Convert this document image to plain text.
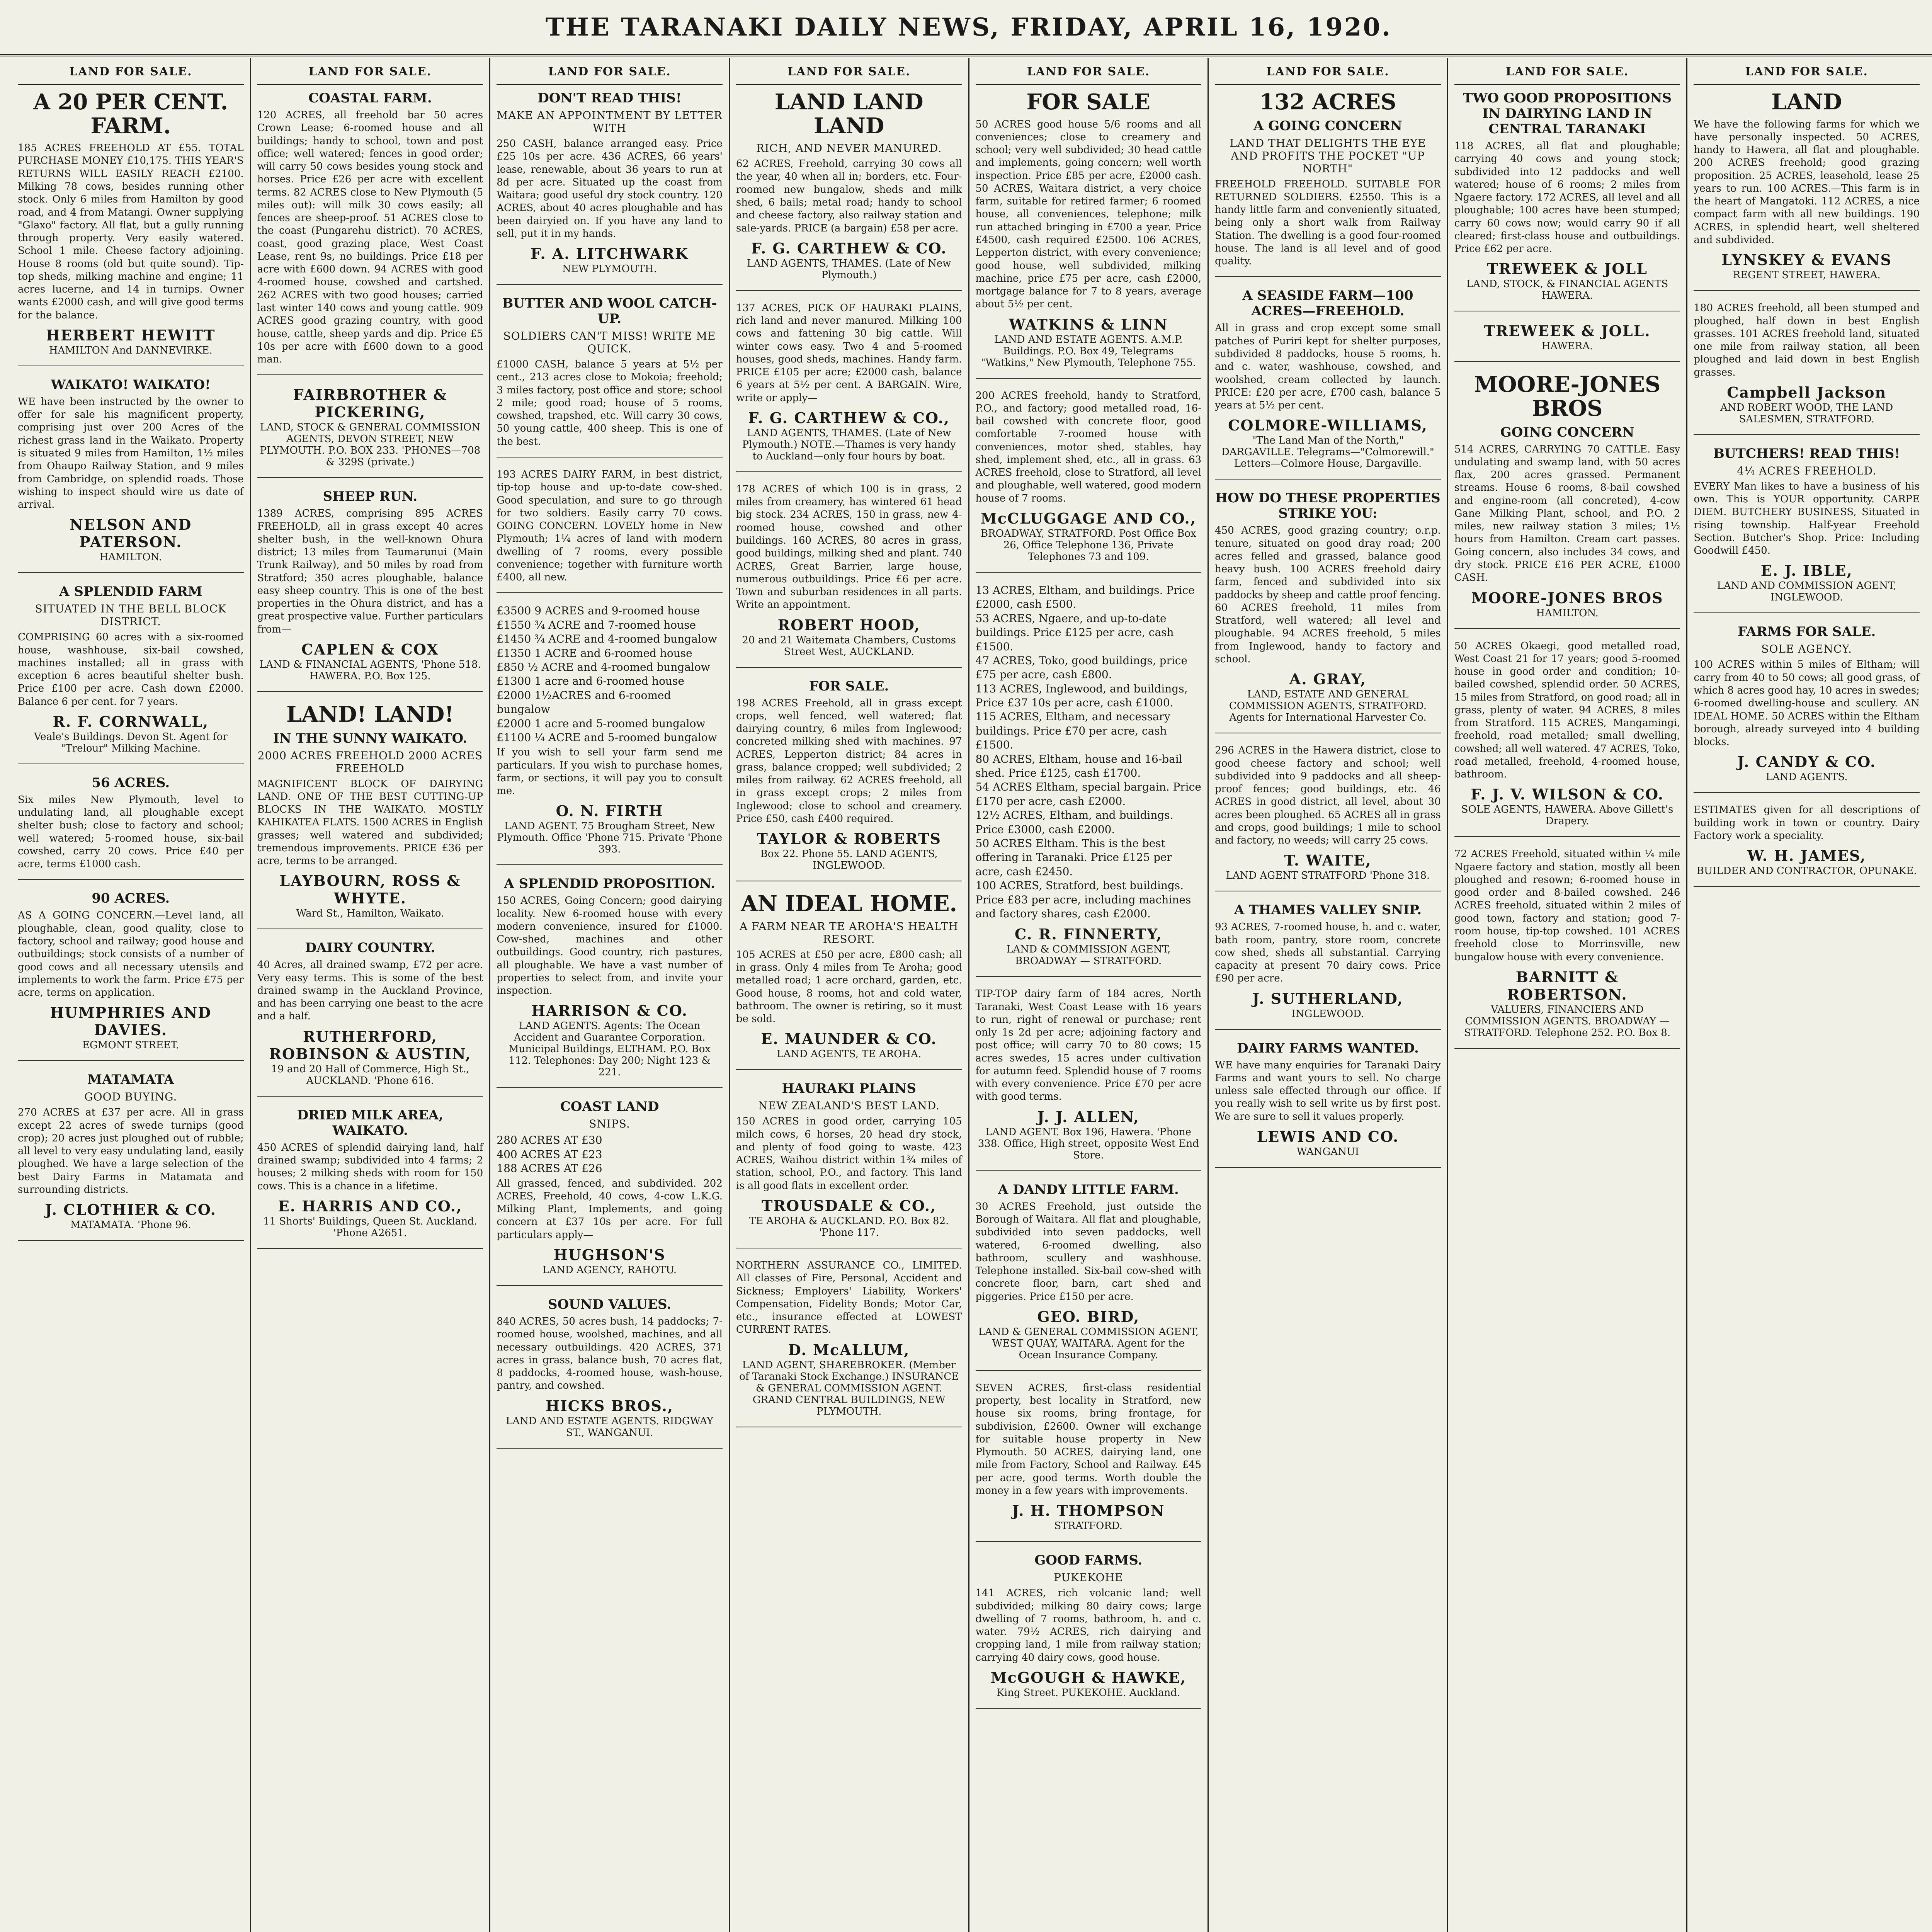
THE TARANAKI DAILY NEWS, FRIDAY, APRIL 16, 1920.
LAND FOR SALE.
A 20 PER CENT. FARM.
185 ACRES FREEHOLD AT £55. TOTAL PURCHASE MONEY £10,175. THIS YEAR'S RETURNS WILL EASILY REACH £2100. Milking 78 cows, besides running other stock. Only 6 miles from Hamilton by good road, and 4 from Matangi. Owner supplying "Glaxo" factory. All flat, but a gully running through property. Very easily watered. School 1 mile. Cheese factory adjoining. House 8 rooms (old but quite sound). Tip-top sheds, milking machine and engine; 11 acres lucerne, and 14 in turnips. Owner wants £2000 cash, and will give good terms for the balance.
HERBERT HEWITT
HAMILTON And DANNEVIRKE.
WAIKATO! WAIKATO!
WE have been instructed by the owner to offer for sale his magnificent property, comprising just over 200 Acres of the richest grass land in the Waikato. Property is situated 9 miles from Hamilton, 1½ miles from Ohaupo Railway Station, and 9 miles from Cambridge, on splendid roads. Those wishing to inspect should wire us date of arrival.
NELSON AND PATERSON.
HAMILTON.
A SPLENDID FARM
SITUATED IN THE BELL BLOCK DISTRICT.
COMPRISING 60 acres with a six-roomed house, washhouse, six-bail cowshed, machines installed; all in grass with exception 6 acres beautiful shelter bush. Price £100 per acre. Cash down £2000. Balance 6 per cent. for 7 years.
R. F. CORNWALL,
Veale's Buildings. Devon St. Agent for "Trelour" Milking Machine.
56 ACRES.
Six miles New Plymouth, level to undulating land, all ploughable except shelter bush; close to factory and school; well watered; 5-roomed house, six-bail cowshed, carry 20 cows. Price £40 per acre, terms £1000 cash.
90 ACRES.
AS A GOING CONCERN.—Level land, all ploughable, clean, good quality, close to factory, school and railway; good house and outbuildings; stock consists of a number of good cows and all necessary utensils and implements to work the farm. Price £75 per acre, terms on application.
HUMPHRIES AND DAVIES.
EGMONT STREET.
MATAMATA
GOOD BUYING.
270 ACRES at £37 per acre. All in grass except 22 acres of swede turnips (good crop); 20 acres just ploughed out of rubble; all level to very easy undulating land, easily ploughed. We have a large selection of the best Dairy Farms in Matamata and surrounding districts.
J. CLOTHIER & CO.
MATAMATA. 'Phone 96.
LAND FOR SALE.
COASTAL FARM.
120 ACRES, all freehold bar 50 acres Crown Lease; 6-roomed house and all buildings; handy to school, town and post office; well watered; fences in good order; will carry 50 cows besides young stock and horses. Price £26 per acre with excellent terms. 82 ACRES close to New Plymouth (5 miles out): will milk 30 cows easily; all fences are sheep-proof. 51 ACRES close to the coast (Pungarehu district). 70 ACRES, coast, good grazing place, West Coast Lease, rent 9s, no buildings. Price £18 per acre with £600 down. 94 ACRES with good 4-roomed house, cowshed and cartshed. 262 ACRES with two good houses; carried last winter 140 cows and young cattle. 909 ACRES good grazing country, with good house, cattle, sheep yards and dip. Price £5 10s per acre with £600 down to a good man.
FAIRBROTHER & PICKERING,
LAND, STOCK & GENERAL COMMISSION AGENTS, DEVON STREET, NEW PLYMOUTH. P.O. BOX 233. 'PHONES—708 & 329S (private.)
SHEEP RUN.
1389 ACRES, comprising 895 ACRES FREEHOLD, all in grass except 40 acres shelter bush, in the well-known Ohura district; 13 miles from Taumarunui (Main Trunk Railway), and 50 miles by road from Stratford; 350 acres ploughable, balance easy sheep country. This is one of the best properties in the Ohura district, and has a great prospective value. Further particulars from—
CAPLEN & COX
LAND & FINANCIAL AGENTS, 'Phone 518. HAWERA. P.O. Box 125.
LAND! LAND!
IN THE SUNNY WAIKATO.
2000 ACRES FREEHOLD 2000 ACRES FREEHOLD
MAGNIFICENT BLOCK OF DAIRYING LAND. ONE OF THE BEST CUTTING-UP BLOCKS IN THE WAIKATO. MOSTLY KAHIKATEA FLATS. 1500 ACRES in English grasses; well watered and subdivided; tremendous improvements. PRICE £36 per acre, terms to be arranged.
LAYBOURN, ROSS & WHYTE.
Ward St., Hamilton, Waikato.
DAIRY COUNTRY.
40 Acres, all drained swamp, £72 per acre. Very easy terms. This is some of the best drained swamp in the Auckland Province, and has been carrying one beast to the acre and a half.
RUTHERFORD, ROBINSON & AUSTIN,
19 and 20 Hall of Commerce, High St., AUCKLAND. 'Phone 616.
DRIED MILK AREA, WAIKATO.
450 ACRES of splendid dairying land, half drained swamp; subdivided into 4 farms; 2 houses; 2 milking sheds with room for 150 cows. This is a chance in a lifetime.
E. HARRIS AND CO.,
11 Shorts' Buildings, Queen St. Auckland. 'Phone A2651.
LAND FOR SALE.
DON'T READ THIS!
MAKE AN APPOINTMENT BY LETTER WITH
250 CASH, balance arranged easy. Price £25 10s per acre. 436 ACRES, 66 years' lease, renewable, about 36 years to run at 8d per acre. Situated up the coast from Waitara; good useful dry stock country. 120 ACRES, about 40 acres ploughable and has been dairyied on. If you have any land to sell, put it in my hands.
F. A. LITCHWARK
NEW PLYMOUTH.
BUTTER AND WOOL CATCH-UP.
SOLDIERS CAN'T MISS! WRITE ME QUICK.
£1000 CASH, balance 5 years at 5½ per cent., 213 acres close to Mokoia; freehold; 3 miles factory, post office and store; school 2 mile; good road; house of 5 rooms, cowshed, trapshed, etc. Will carry 30 cows, 50 young cattle, 400 sheep. This is one of the best.
193 ACRES DAIRY FARM, in best district, tip-top house and up-to-date cow-shed. Good speculation, and sure to go through for two soldiers. Easily carry 70 cows. GOING CONCERN. LOVELY home in New Plymouth; 1¼ acres of land with modern dwelling of 7 rooms, every possible convenience; together with furniture worth £400, all new.
£3500 9 ACRES and 9-roomed house
£1550 ¾ ACRE and 7-roomed house
£1450 ¾ ACRE and 4-roomed bungalow
£1350 1 ACRE and 6-roomed house
£850 ½ ACRE and 4-roomed bungalow
£1300 1 acre and 6-roomed house
£2000 1½ACRES and 6-roomed bungalow
£2000 1 acre and 5-roomed bungalow
£1100 ¼ ACRE and 5-roomed bungalow
If you wish to sell your farm send me particulars. If you wish to purchase homes, farm, or sections, it will pay you to consult me.
O. N. FIRTH
LAND AGENT. 75 Brougham Street, New Plymouth. Office 'Phone 715. Private 'Phone 393.
A SPLENDID PROPOSITION.
150 ACRES, Going Concern; good dairying locality. New 6-roomed house with every modern convenience, insured for £1000. Cow-shed, machines and other outbuildings. Good country, rich pastures, all ploughable. We have a vast number of properties to select from, and invite your inspection.
HARRISON & CO.
LAND AGENTS. Agents: The Ocean Accident and Guarantee Corporation. Municipal Buildings, ELTHAM. P.O. Box 112. Telephones: Day 200; Night 123 & 221.
COAST LAND
SNIPS.
280 ACRES AT £30
400 ACRES AT £23
188 ACRES AT £26
All grassed, fenced, and subdivided. 202 ACRES, Freehold, 40 cows, 4-cow L.K.G. Milking Plant, Implements, and going concern at £37 10s per acre. For full particulars apply—
HUGHSON'S
LAND AGENCY, RAHOTU.
SOUND VALUES.
840 ACRES, 50 acres bush, 14 paddocks; 7-roomed house, woolshed, machines, and all necessary outbuildings. 420 ACRES, 371 acres in grass, balance bush, 70 acres flat, 8 paddocks, 4-roomed house, wash-house, pantry, and cowshed.
HICKS BROS.,
LAND AND ESTATE AGENTS. RIDGWAY ST., WANGANUI.
LAND FOR SALE.
LAND LAND LAND
RICH, AND NEVER MANURED.
62 ACRES, Freehold, carrying 30 cows all the year, 40 when all in; borders, etc. Four-roomed new bungalow, sheds and milk shed, 6 bails; metal road; handy to school and cheese factory, also railway station and sale-yards. PRICE (a bargain) £58 per acre.
F. G. CARTHEW & CO.
LAND AGENTS, THAMES. (Late of New Plymouth.)
137 ACRES, PICK OF HAURAKI PLAINS, rich land and never manured. Milking 100 cows and fattening 30 big cattle. Will winter cows easy. Two 4 and 5-roomed houses, good sheds, machines. Handy farm. PRICE £105 per acre; £2000 cash, balance 6 years at 5½ per cent. A BARGAIN. Wire, write or apply—
F. G. CARTHEW & CO.,
LAND AGENTS, THAMES. (Late of New Plymouth.) NOTE.—Thames is very handy to Auckland—only four hours by boat.
178 ACRES of which 100 is in grass, 2 miles from creamery, has wintered 61 head big stock. 234 ACRES, 150 in grass, new 4-roomed house, cowshed and other buildings. 160 ACRES, 80 acres in grass, good buildings, milking shed and plant. 740 ACRES, Great Barrier, large house, numerous outbuildings. Price £6 per acre. Town and suburban residences in all parts. Write an appointment.
ROBERT HOOD,
20 and 21 Waitemata Chambers, Customs Street West, AUCKLAND.
FOR SALE.
198 ACRES Freehold, all in grass except crops, well fenced, well watered; flat dairying country, 6 miles from Inglewood; concreted milking shed with machines. 97 ACRES, Lepperton district; 84 acres in grass, balance cropped; well subdivided; 2 miles from railway. 62 ACRES freehold, all in grass except crops; 2 miles from Inglewood; close to school and creamery. Price £50, cash £400 required.
TAYLOR & ROBERTS
Box 22. Phone 55. LAND AGENTS, INGLEWOOD.
AN IDEAL HOME.
A FARM NEAR TE AROHA'S HEALTH RESORT.
105 ACRES at £50 per acre, £800 cash; all in grass. Only 4 miles from Te Aroha; good metalled road; 1 acre orchard, garden, etc. Good house, 8 rooms, hot and cold water, bathroom. The owner is retiring, so it must be sold.
E. MAUNDER & CO.
LAND AGENTS, TE AROHA.
HAURAKI PLAINS
NEW ZEALAND'S BEST LAND.
150 ACRES in good order, carrying 105 milch cows, 6 horses, 20 head dry stock, and plenty of food going to waste. 423 ACRES, Waihou district within 1¾ miles of station, school, P.O., and factory. This land is all good flats in excellent order.
TROUSDALE & CO.,
TE AROHA & AUCKLAND. P.O. Box 82. 'Phone 117.
NORTHERN ASSURANCE CO., LIMITED. All classes of Fire, Personal, Accident and Sickness; Employers' Liability, Workers' Compensation, Fidelity Bonds; Motor Car, etc., insurance effected at LOWEST CURRENT RATES.
D. McALLUM,
LAND AGENT, SHAREBROKER. (Member of Taranaki Stock Exchange.) INSURANCE & GENERAL COMMISSION AGENT. GRAND CENTRAL BUILDINGS, NEW PLYMOUTH.
LAND FOR SALE.
FOR SALE
50 ACRES good house 5/6 rooms and all conveniences; close to creamery and school; very well subdivided; 30 head cattle and implements, going concern; well worth inspection. Price £85 per acre, £2000 cash. 50 ACRES, Waitara district, a very choice farm, suitable for retired farmer; 6 roomed house, all conveniences, telephone; milk run attached bringing in £700 a year. Price £4500, cash required £2500. 106 ACRES, Lepperton district, with every convenience; good house, well subdivided, milking machine, price £75 per acre, cash £2000, mortgage balance for 7 to 8 years, average about 5½ per cent.
WATKINS & LINN
LAND AND ESTATE AGENTS. A.M.P. Buildings. P.O. Box 49, Telegrams "Watkins," New Plymouth, Telephone 755.
200 ACRES freehold, handy to Stratford, P.O., and factory; good metalled road, 16-bail cowshed with concrete floor, good comfortable 7-roomed house with conveniences, motor shed, stables, hay shed, implement shed, etc., all in grass. 63 ACRES freehold, close to Stratford, all level and ploughable, well watered, good modern house of 7 rooms.
McCLUGGAGE AND CO.,
BROADWAY, STRATFORD. Post Office Box 26, Office Telephone 136, Private Telephones 73 and 109.
13 ACRES, Eltham, and buildings. Price £2000, cash £500.
53 ACRES, Ngaere, and up-to-date buildings. Price £125 per acre, cash £1500.
47 ACRES, Toko, good buildings, price £75 per acre, cash £800.
113 ACRES, Inglewood, and buildings, Price £37 10s per acre, cash £1000.
115 ACRES, Eltham, and necessary buildings. Price £70 per acre, cash £1500.
80 ACRES, Eltham, house and 16-bail shed. Price £125, cash £1700.
54 ACRES Eltham, special bargain. Price £170 per acre, cash £2000.
12½ ACRES, Eltham, and buildings. Price £3000, cash £2000.
50 ACRES Eltham. This is the best offering in Taranaki. Price £125 per acre, cash £2450.
100 ACRES, Stratford, best buildings. Price £83 per acre, including machines and factory shares, cash £2000.
C. R. FINNERTY,
LAND & COMMISSION AGENT, BROADWAY — STRATFORD.
TIP-TOP dairy farm of 184 acres, North Taranaki, West Coast Lease with 16 years to run, right of renewal or purchase; rent only 1s 2d per acre; adjoining factory and post office; will carry 70 to 80 cows; 15 acres swedes, 15 acres under cultivation for autumn feed. Splendid house of 7 rooms with every convenience. Price £70 per acre with good terms.
J. J. ALLEN,
LAND AGENT. Box 196, Hawera. 'Phone 338. Office, High street, opposite West End Store.
A DANDY LITTLE FARM.
30 ACRES Freehold, just outside the Borough of Waitara. All flat and ploughable, subdivided into seven paddocks, well watered, 6-roomed dwelling, also bathroom, scullery and washhouse. Telephone installed. Six-bail cow-shed with concrete floor, barn, cart shed and piggeries. Price £150 per acre.
GEO. BIRD,
LAND & GENERAL COMMISSION AGENT, WEST QUAY, WAITARA. Agent for the Ocean Insurance Company.
SEVEN ACRES, first-class residential property, best locality in Stratford, new house six rooms, bring frontage, for subdivision, £2600. Owner will exchange for suitable house property in New Plymouth. 50 ACRES, dairying land, one mile from Factory, School and Railway. £45 per acre, good terms. Worth double the money in a few years with improvements.
J. H. THOMPSON
STRATFORD.
GOOD FARMS.
PUKEKOHE
141 ACRES, rich volcanic land; well subdivided; milking 80 dairy cows; large dwelling of 7 rooms, bathroom, h. and c. water. 79½ ACRES, rich dairying and cropping land, 1 mile from railway station; carrying 40 dairy cows, good house.
McGOUGH & HAWKE,
King Street. PUKEKOHE. Auckland.
LAND FOR SALE.
132 ACRES
A GOING CONCERN
LAND THAT DELIGHTS THE EYE AND PROFITS THE POCKET "UP NORTH"
FREEHOLD FREEHOLD. SUITABLE FOR RETURNED SOLDIERS. £2550. This is a handy little farm and conveniently situated, being only a short walk from Railway Station. The dwelling is a good four-roomed house. The land is all level and of good quality.
A SEASIDE FARM—100 ACRES—FREEHOLD.
All in grass and crop except some small patches of Puriri kept for shelter purposes, subdivided 8 paddocks, house 5 rooms, h. and c. water, washhouse, cowshed, and woolshed, cream collected by launch. PRICE: £20 per acre, £700 cash, balance 5 years at 5½ per cent.
COLMORE-WILLIAMS,
"The Land Man of the North," DARGAVILLE. Telegrams—"Colmorewill." Letters—Colmore House, Dargaville.
HOW DO THESE PROPERTIES STRIKE YOU:
450 ACRES, good grazing country; o.r.p. tenure, situated on good dray road; 200 acres felled and grassed, balance good heavy bush. 100 ACRES freehold dairy farm, fenced and subdivided into six paddocks by sheep and cattle proof fencing. 60 ACRES freehold, 11 miles from Stratford, well watered; all level and ploughable. 94 ACRES freehold, 5 miles from Inglewood, handy to factory and school.
A. GRAY,
LAND, ESTATE AND GENERAL COMMISSION AGENTS, STRATFORD. Agents for International Harvester Co.
296 ACRES in the Hawera district, close to good cheese factory and school; well subdivided into 9 paddocks and all sheep-proof fences; good buildings, etc. 46 ACRES in good district, all level, about 30 acres been ploughed. 65 ACRES all in grass and crops, good buildings; 1 mile to school and factory, no weeds; will carry 25 cows.
T. WAITE,
LAND AGENT STRATFORD 'Phone 318.
A THAMES VALLEY SNIP.
93 ACRES, 7-roomed house, h. and c. water, bath room, pantry, store room, concrete cow shed, sheds all substantial. Carrying capacity at present 70 dairy cows. Price £90 per acre.
J. SUTHERLAND,
INGLEWOOD.
DAIRY FARMS WANTED.
WE have many enquiries for Taranaki Dairy Farms and want yours to sell. No charge unless sale effected through our office. If you really wish to sell write us by first post. We are sure to sell it values properly.
LEWIS AND CO.
WANGANUI
LAND FOR SALE.
TWO GOOD PROPOSITIONS IN DAIRYING LAND IN CENTRAL TARANAKI
118 ACRES, all flat and ploughable; carrying 40 cows and young stock; subdivided into 12 paddocks and well watered; house of 6 rooms; 2 miles from Ngaere factory. 172 ACRES, all level and all ploughable; 100 acres have been stumped; carry 60 cows now; would carry 90 if all cleared; first-class house and outbuildings. Price £62 per acre.
TREWEEK & JOLL
LAND, STOCK, & FINANCIAL AGENTS HAWERA.
TREWEEK & JOLL.
HAWERA.
MOORE-JONES BROS
GOING CONCERN
514 ACRES, CARRYING 70 CATTLE. Easy undulating and swamp land, with 50 acres flax, 200 acres grassed. Permanent streams. House 6 rooms, 8-bail cowshed and engine-room (all concreted), 4-cow Gane Milking Plant, school, and P.O. 2 miles, new railway station 3 miles; 1½ hours from Hamilton. Cream cart passes. Going concern, also includes 34 cows, and dry stock. PRICE £16 PER ACRE, £1000 CASH.
MOORE-JONES BROS
HAMILTON.
50 ACRES Okaegi, good metalled road, West Coast 21 for 17 years; good 5-roomed house in good order and condition; 10-bailed cowshed, splendid order. 50 ACRES, 15 miles from Stratford, on good road; all in grass, plenty of water. 94 ACRES, 8 miles from Stratford. 115 ACRES, Mangamingi, freehold, road metalled; small dwelling, cowshed; all well watered. 47 ACRES, Toko, road metalled, freehold, 4-roomed house, bathroom.
F. J. V. WILSON & CO.
SOLE AGENTS, HAWERA. Above Gillett's Drapery.
72 ACRES Freehold, situated within ¼ mile Ngaere factory and station, mostly all been ploughed and resown; 6-roomed house in good order and 8-bailed cowshed. 246 ACRES freehold, situated within 2 miles of good town, factory and station; good 7-room house, tip-top cowshed. 101 ACRES freehold close to Morrinsville, new bungalow house with every convenience.
BARNITT & ROBERTSON.
VALUERS, FINANCIERS AND COMMISSION AGENTS. BROADWAY — STRATFORD. Telephone 252. P.O. Box 8.
LAND FOR SALE.
LAND
We have the following farms for which we have personally inspected. 50 ACRES, handy to Hawera, all flat and ploughable. 200 ACRES freehold; good grazing proposition. 25 ACRES, leasehold, lease 25 years to run. 100 ACRES.—This farm is in the heart of Mangatoki. 112 ACRES, a nice compact farm with all new buildings. 190 ACRES, in splendid heart, well sheltered and subdivided.
LYNSKEY & EVANS
REGENT STREET, HAWERA.
180 ACRES freehold, all been stumped and ploughed, half down in best English grasses. 101 ACRES freehold land, situated one mile from railway station, all been ploughed and laid down in best English grasses.
Campbell Jackson
AND ROBERT WOOD, THE LAND SALESMEN, STRATFORD.
BUTCHERS! READ THIS!
4¼ ACRES FREEHOLD.
EVERY Man likes to have a business of his own. This is YOUR opportunity. CARPE DIEM. BUTCHERY BUSINESS, Situated in rising township. Half-year Freehold Section. Butcher's Shop. Price: Including Goodwill £450.
E. J. IBLE,
LAND AND COMMISSION AGENT, INGLEWOOD.
FARMS FOR SALE.
SOLE AGENCY.
100 ACRES within 5 miles of Eltham; will carry from 40 to 50 cows; all good grass, of which 8 acres good hay, 10 acres in swedes; 6-roomed dwelling-house and scullery. AN IDEAL HOME. 50 ACRES within the Eltham borough, already surveyed into 4 building blocks.
J. CANDY & CO.
LAND AGENTS.
ESTIMATES given for all descriptions of building work in town or country. Dairy Factory work a speciality.
W. H. JAMES,
BUILDER AND CONTRACTOR, OPUNAKE.
